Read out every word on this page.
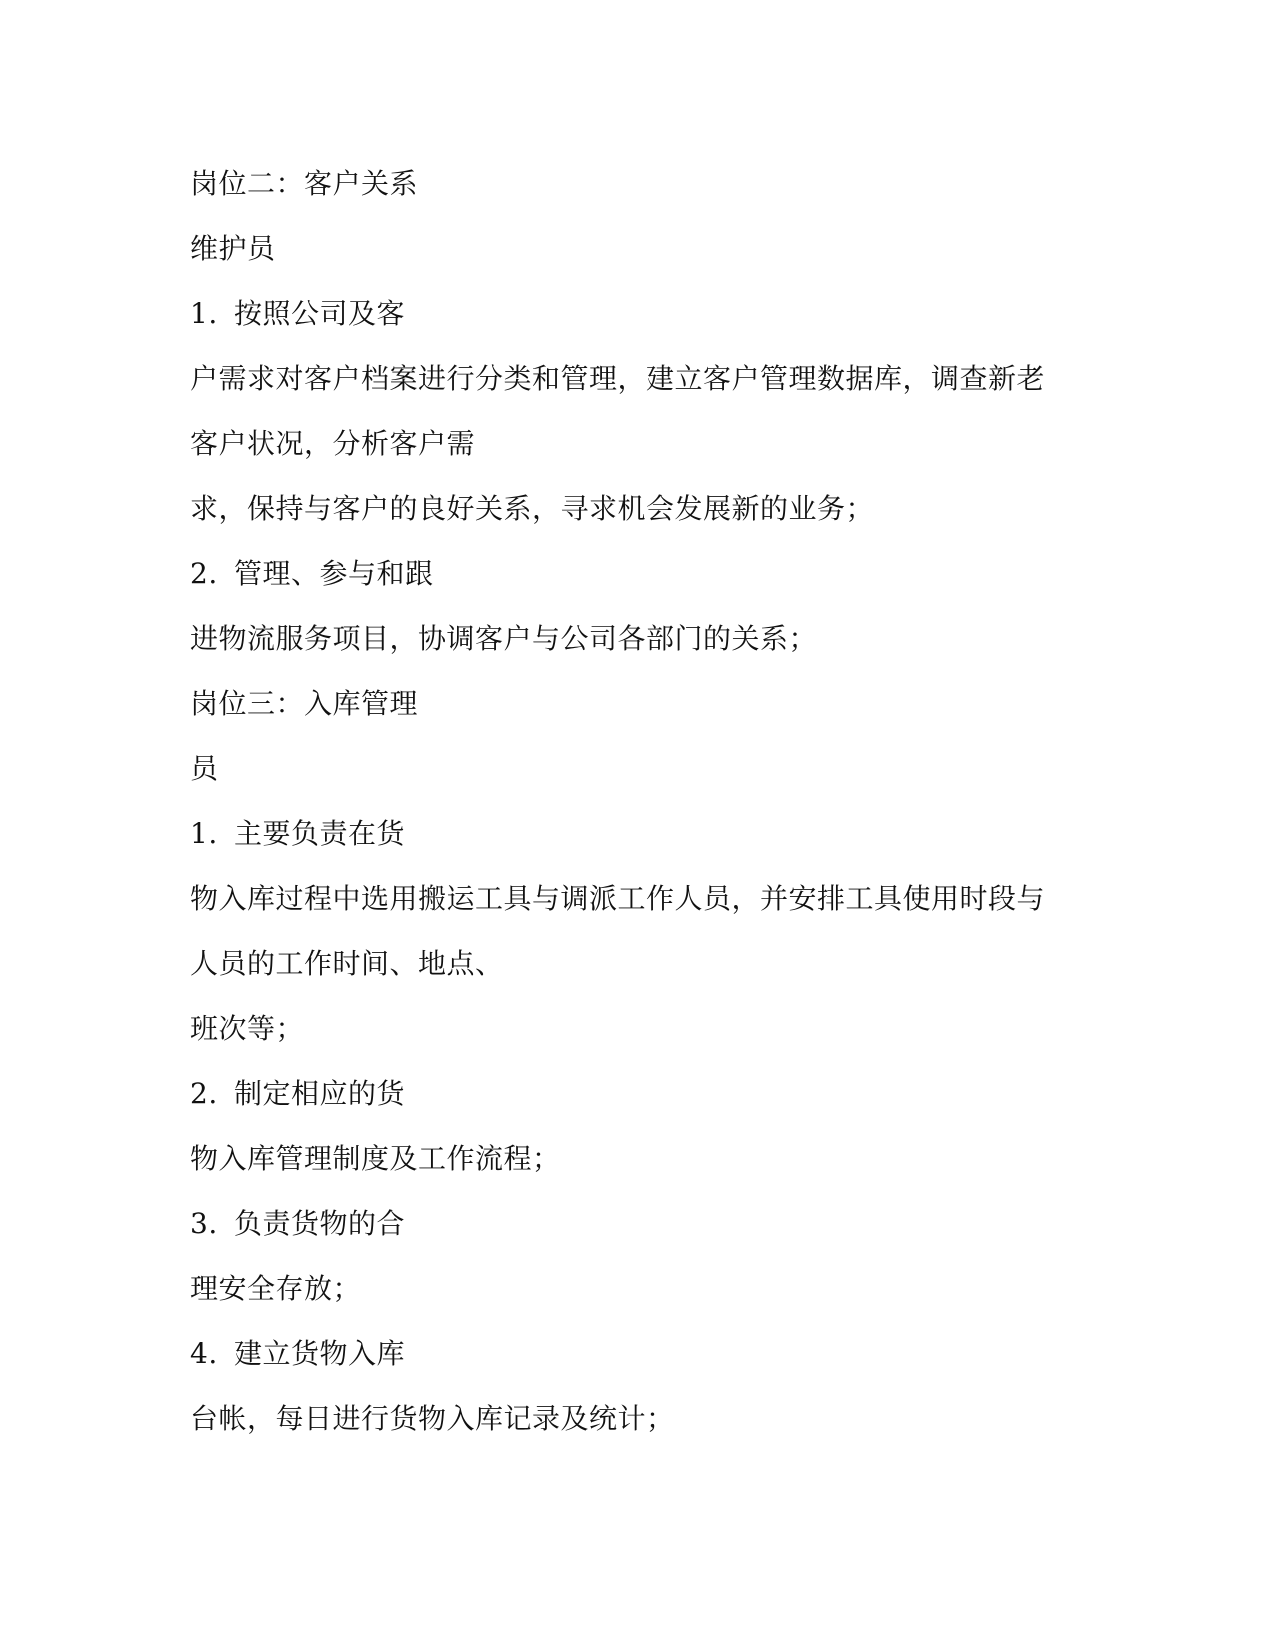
岗位二：客户关系
维护员
1. 按照公司及客
户需求对客户档案进行分类和管理，建立客户管理数据库，调查新老
客户状况，分析客户需
求，保持与客户的良好关系，寻求机会发展新的业务；
2. 管理、参与和跟
进物流服务项目，协调客户与公司各部门的关系；
岗位三：入库管理
员
1. 主要负责在货
物入库过程中选用搬运工具与调派工作人员，并安排工具使用时段与
人员的工作时间、地点、
班次等；
2. 制定相应的货
物入库管理制度及工作流程；
3. 负责货物的合
理安全存放；
4. 建立货物入库
台帐，每日进行货物入库记录及统计；
